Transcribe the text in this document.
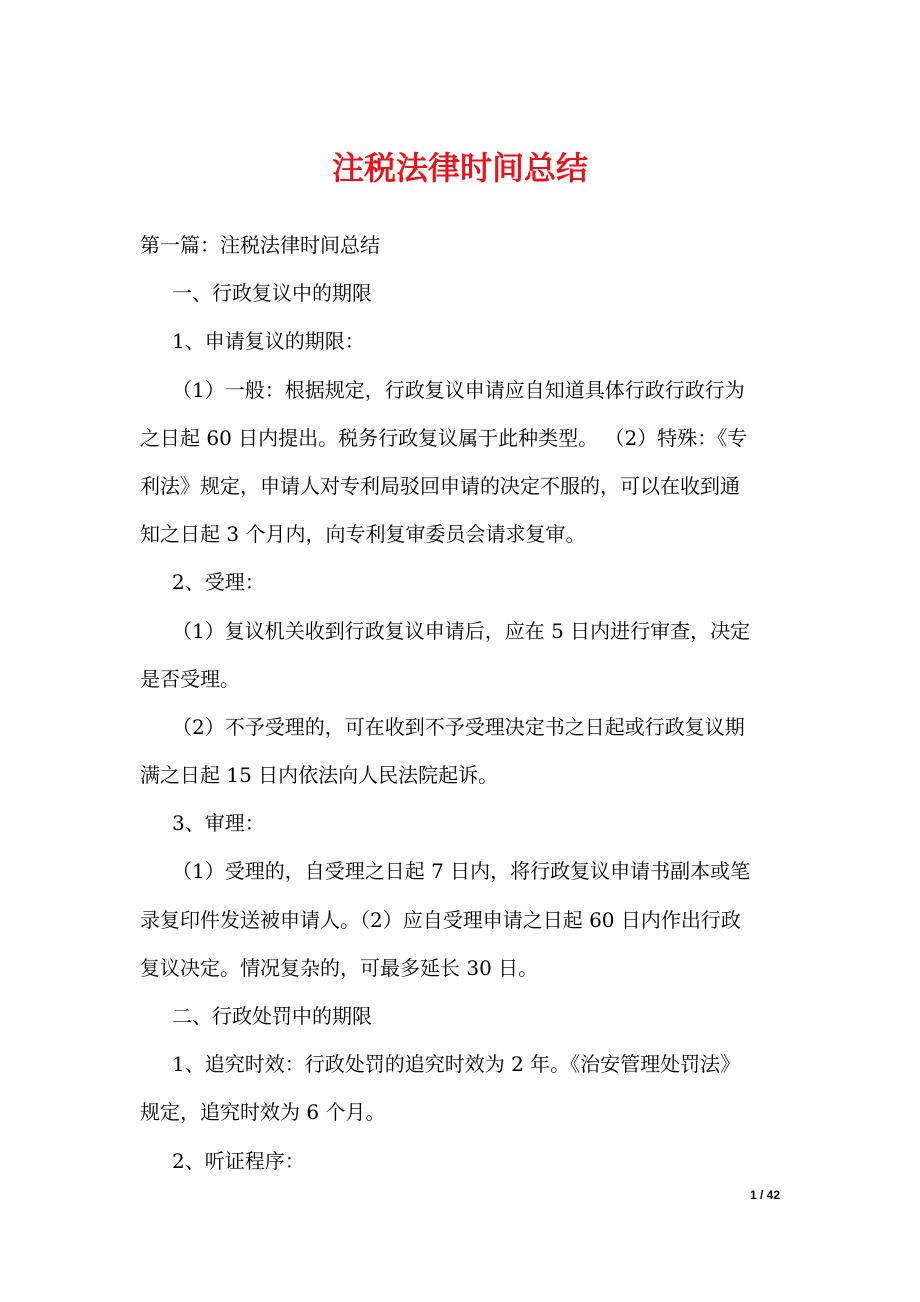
注税法律时间总结
第一篇：注税法律时间总结
一、行政复议中的期限
1、申请复议的期限：
（1）一般：根据规定，行政复议申请应自知道具体行政行政行为
之日起 60 日内提出。税务行政复议属于此种类型。 （2）特殊：《专
利法》规定，申请人对专利局驳回申请的决定不服的，可以在收到通
知之日起 3 个月内，向专利复审委员会请求复审。
2、受理：
（1）复议机关收到行政复议申请后，应在 5 日内进行审查，决定
是否受理。
（2）不予受理的，可在收到不予受理决定书之日起或行政复议期
满之日起 15 日内依法向人民法院起诉。
3、审理：
（1）受理的，自受理之日起 7 日内，将行政复议申请书副本或笔
录复印件发送被申请人。（2）应自受理申请之日起 60 日内作出行政
复议决定。情况复杂的，可最多延长 30 日。
二、行政处罚中的期限
1、追究时效：行政处罚的追究时效为 2 年。《治安管理处罚法》
规定，追究时效为 6 个月。
2、听证程序：
1 / 42
